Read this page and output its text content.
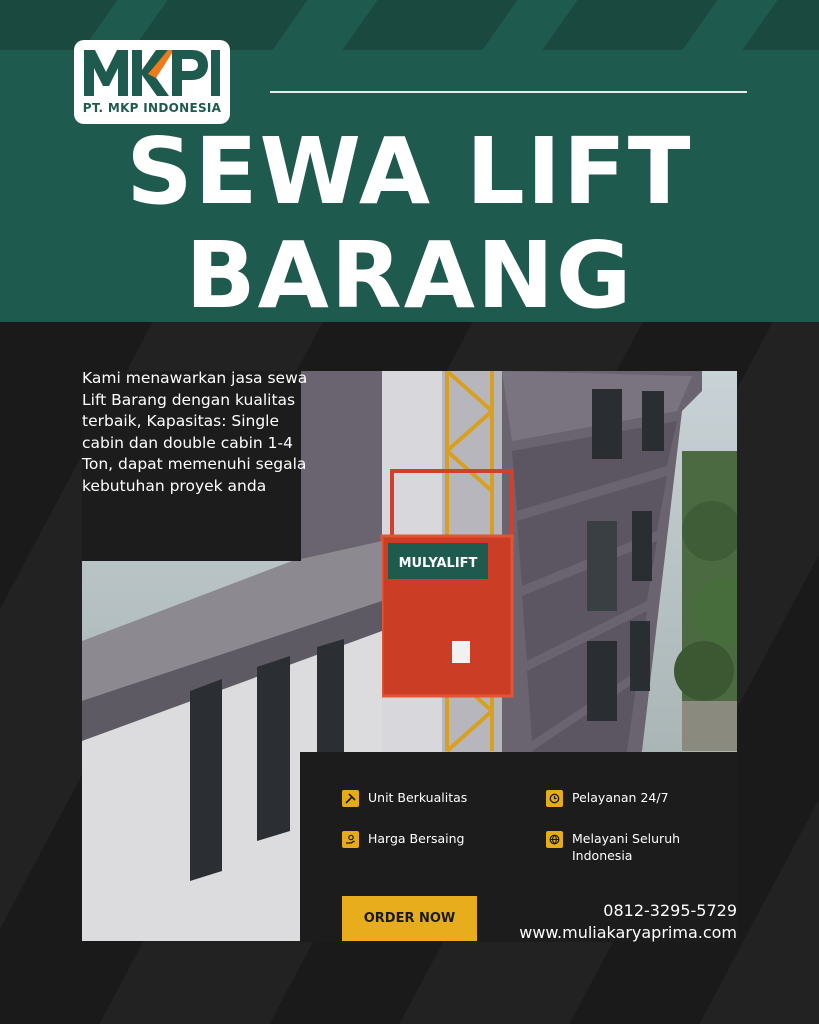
PT. MKP INDONESIA
SEWA LIFT
BARANG
MULYALIFT
Kami menawarkan jasa sewa Lift Barang dengan kualitas terbaik, Kapasitas: Single cabin dan double cabin 1-4 Ton, dapat memenuhi segala kebutuhan proyek anda
Unit Berkualitas	Pelayanan 24/7
Harga Bersaing	Melayani Seluruh Indonesia
ORDER NOW	0812-3295-5729
www.muliakaryaprima.com
